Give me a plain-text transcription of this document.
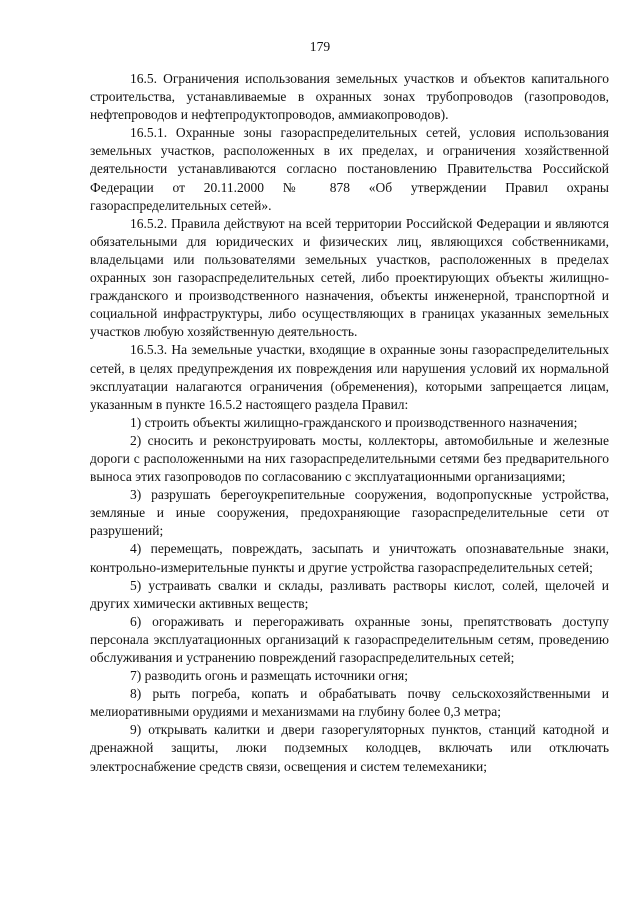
179

16.5. Ограничения использования земельных участков и объектов капитального строительства, устанавливаемые в охранных зонах трубопроводов (газопроводов, нефтепроводов и нефтепродуктопроводов, аммиакопроводов).

16.5.1. Охранные зоны газораспределительных сетей, условия использования земельных участков, расположенных в их пределах, и ограничения хозяйственной деятельности устанавливаются согласно постановлению Правительства Российской Федерации от 20.11.2000 № 878 «Об утверждении Правил охраны газораспределительных сетей».

16.5.2. Правила действуют на всей территории Российской Федерации и являются обязательными для юридических и физических лиц, являющихся собственниками, владельцами или пользователями земельных участков, расположенных в пределах охранных зон газораспределительных сетей, либо проектирующих объекты жилищно-гражданского и производственного назначения, объекты инженерной, транспортной и социальной инфраструктуры, либо осуществляющих в границах указанных земельных участков любую хозяйственную деятельность.

16.5.3. На земельные участки, входящие в охранные зоны газораспределительных сетей, в целях предупреждения их повреждения или нарушения условий их нормальной эксплуатации налагаются ограничения (обременения), которыми запрещается лицам, указанным в пункте 16.5.2 настоящего раздела Правил:

1) строить объекты жилищно-гражданского и производственного назначения;

2) сносить и реконструировать мосты, коллекторы, автомобильные и железные дороги с расположенными на них газораспределительными сетями без предварительного выноса этих газопроводов по согласованию с эксплуатационными организациями;

3) разрушать берегоукрепительные сооружения, водопропускные устройства, земляные и иные сооружения, предохраняющие газораспределительные сети от разрушений;

4) перемещать, повреждать, засыпать и уничтожать опознавательные знаки, контрольно-измерительные пункты и другие устройства газораспределительных сетей;

5) устраивать свалки и склады, разливать растворы кислот, солей, щелочей и других химически активных веществ;

6) огораживать и перегораживать охранные зоны, препятствовать доступу персонала эксплуатационных организаций к газораспределительным сетям, проведению обслуживания и устранению повреждений газораспределительных сетей;

7) разводить огонь и размещать источники огня;

8) рыть погреба, копать и обрабатывать почву сельскохозяйственными и мелиоративными орудиями и механизмами на глубину более 0,3 метра;

9) открывать калитки и двери газорегуляторных пунктов, станций катодной и дренажной защиты, люки подземных колодцев, включать или отключать электроснабжение средств связи, освещения и систем телемеханики;
